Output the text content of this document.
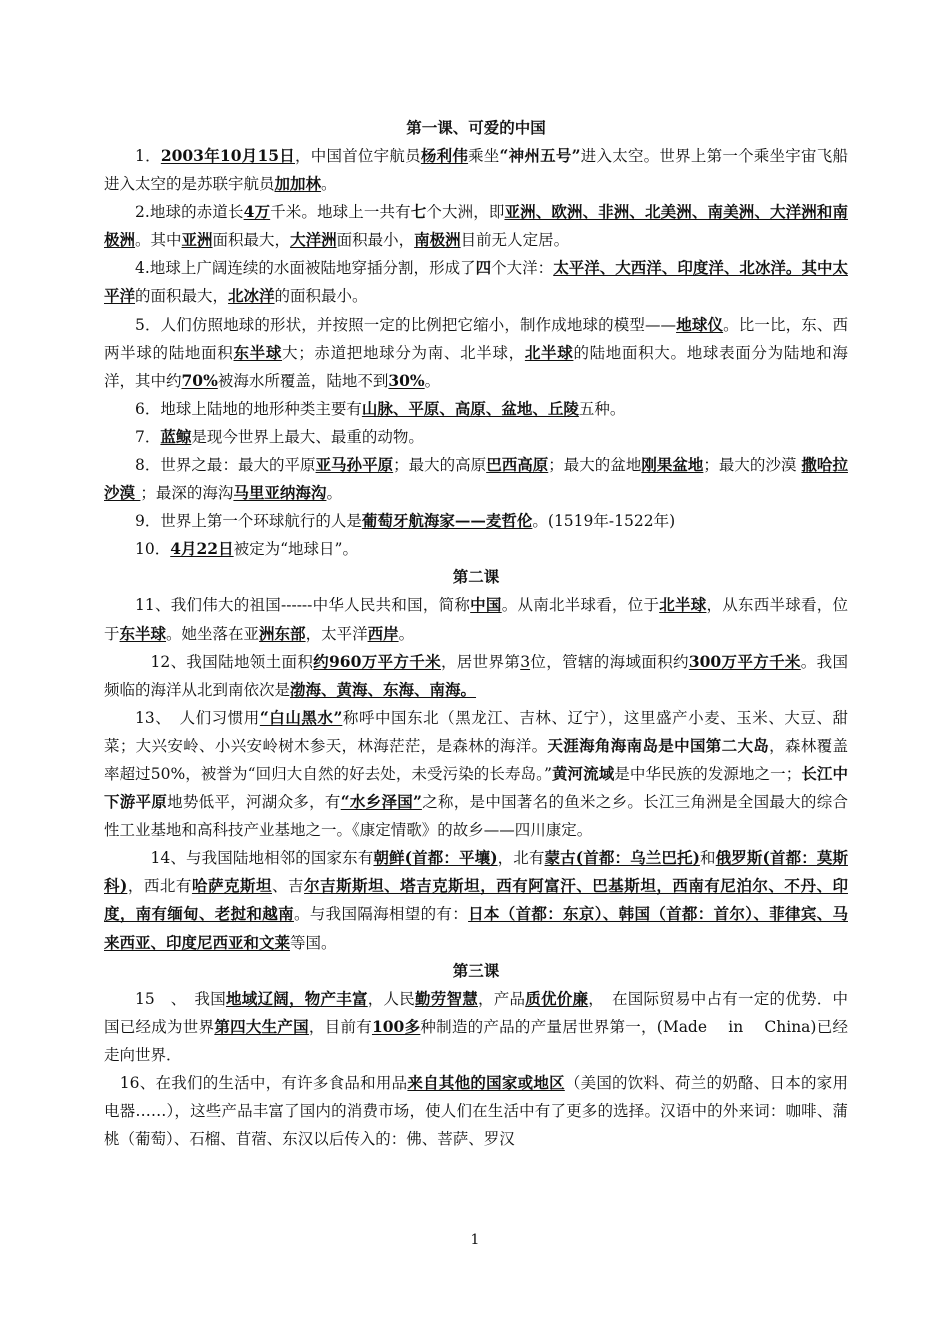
第一课、可爱的中国

1．2003年10月15日，中国首位宇航员杨利伟乘坐“神州五号”进入太空。世界上第一个乘坐宇宙飞船进入太空的是苏联宇航员加加林。

2.地球的赤道长4万千米。地球上一共有七个大洲，即亚洲、欧洲、非洲、北美洲、南美洲、大洋洲和南极洲。其中亚洲面积最大，大洋洲面积最小，南极洲目前无人定居。

4.地球上广阔连续的水面被陆地穿插分割，形成了四个大洋：太平洋、大西洋、印度洋、北冰洋。其中太平洋的面积最大，北冰洋的面积最小。

5．人们仿照地球的形状，并按照一定的比例把它缩小，制作成地球的模型——地球仪。比一比，东、西两半球的陆地面积东半球大；赤道把地球分为南、北半球，北半球的陆地面积大。地球表面分为陆地和海洋，其中约70%被海水所覆盖，陆地不到30%。

6．地球上陆地的地形种类主要有山脉、平原、高原、盆地、丘陵五种。

7．蓝鲸是现今世界上最大、最重的动物。

8．世界之最：最大的平原亚马孙平原；最大的高原巴西高原；最大的盆地刚果盆地；最大的沙漠 撒哈拉沙漠 ；最深的海沟马里亚纳海沟。

9．世界上第一个环球航行的人是葡萄牙航海家——麦哲伦。(1519年-1522年)

10．4月22日被定为“地球日”。

第二课

11、我们伟大的祖国------中华人民共和国，简称中国。从南北半球看，位于北半球，从东西半球看，位于东半球。她坐落在亚洲东部，太平洋西岸。

12、我国陆地领土面积约960万平方千米，居世界第3位，管辖的海域面积约300万平方千米。我国频临的海洋从北到南依次是渤海、黄海、东海、南海。

13、　人们习惯用“白山黑水”称呼中国东北（黑龙江、吉林、辽宁），这里盛产小麦、玉米、大豆、甜菜；大兴安岭、小兴安岭树木参天，林海茫茫，是森林的海洋。天涯海角海南岛是中国第二大岛，森林覆盖率超过50%，被誉为“回归大自然的好去处，未受污染的长寿岛。”黄河流域是中华民族的发源地之一；长江中下游平原地势低平，河湖众多，有“水乡泽国”之称，是中国著名的鱼米之乡。长江三角洲是全国最大的综合性工业基地和高科技产业基地之一。《康定情歌》的故乡——四川康定。

14、与我国陆地相邻的国家东有朝鲜(首都：平壤)，北有蒙古(首都：乌兰巴托)和俄罗斯(首都：莫斯科)，西北有哈萨克斯坦、吉尔吉斯斯坦、塔吉克斯坦，西有阿富汗、巴基斯坦，西南有尼泊尔、不丹、印度，南有缅甸、老挝和越南。与我国隔海相望的有：日本（首都：东京）、韩国（首都：首尔）、菲律宾、马来西亚、印度尼西亚和文莱等国。

第三课

15　、　我国地域辽阔，物产丰富，人民勤劳智慧，产品质优价廉，　在国际贸易中占有一定的优势．中国已经成为世界第四大生产国，目前有100多种制造的产品的产量居世界第一，(Made　 in　 China)已经走向世界．

　16、在我们的生活中，有许多食品和用品来自其他的国家或地区（美国的饮料、荷兰的奶酪、日本的家用电器……），这些产品丰富了国内的消费市场，使人们在生活中有了更多的选择。汉语中的外来词：咖啡、蒲桃（葡萄）、石榴、苜蓿、东汉以后传入的：佛、菩萨、罗汉

1
